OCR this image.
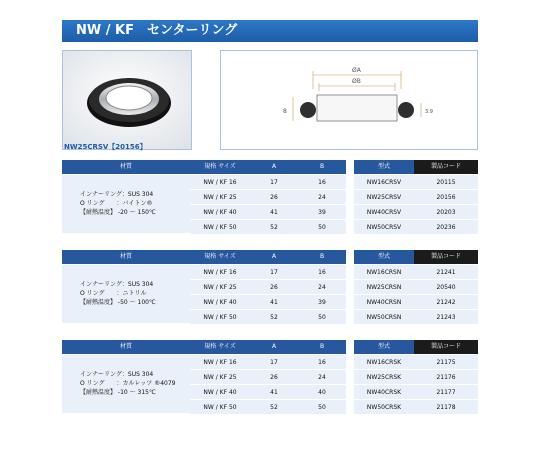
NW / KF　センターリング
NW25CRSV【20156】
ØA
ØB
8	3.9
材質	規格 サイズ	A	B	型式	製品コード
インナーリング：SUS 304
O リング　　：バイトン®
【耐熱温度】 -20 ～ 150℃
NW / KF 16	17	16	NW16CRSV	20115
NW / KF 25	26	24	NW25CRSV	20156
NW / KF 40	41	39	NW40CRSV	20203
NW / KF 50	52	50	NW50CRSV	20236
材質	規格 サイズ	A	B	型式	製品コード
インナーリング：SUS 304
O リング　　：ニトリル
【耐熱温度】 -50 ～ 100℃
NW / KF 16	17	16	NW16CRSN	21241
NW / KF 25	26	24	NW25CRSN	20540
NW / KF 40	41	39	NW40CRSN	21242
NW / KF 50	52	50	NW50CRSN	21243
材質	規格 サイズ	A	B	型式	製品コード
インナーリング：SUS 304
O リング　　：カルレッツ ®4079
【耐熱温度】 -10 ～ 315℃
NW / KF 16	17	16	NW16CRSK	21175
NW / KF 25	26	24	NW25CRSK	21176
NW / KF 40	41	40	NW40CRSK	21177
NW / KF 50	52	50	NW50CRSK	21178
